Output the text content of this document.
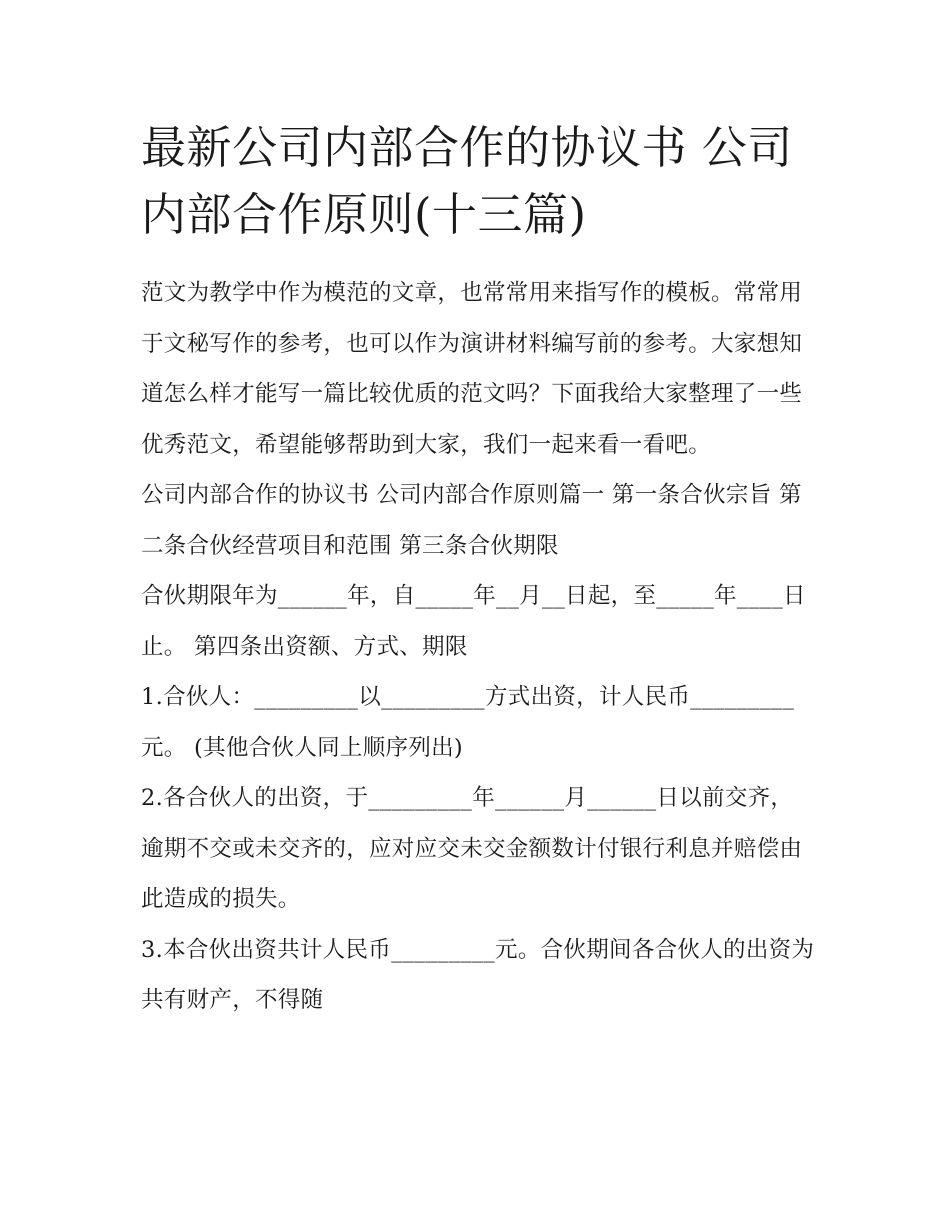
最新公司内部合作的协议书 公司内部合作原则(十三篇)

范文为教学中作为模范的文章，也常常用来指写作的模板。常常用于文秘写作的参考，也可以作为演讲材料编写前的参考。大家想知道怎么样才能写一篇比较优质的范文吗？下面我给大家整理了一些优秀范文，希望能够帮助到大家，我们一起来看一看吧。

公司内部合作的协议书 公司内部合作原则篇一 第一条合伙宗旨 第二条合伙经营项目和范围 第三条合伙期限

合伙期限年为______年，自_____年__月__日起，至_____年____日止。 第四条出资额、方式、期限

1.合伙人：_________以_________方式出资，计人民币_________元。 (其他合伙人同上顺序列出)

2.各合伙人的出资，于_________年______月______日以前交齐，逾期不交或未交齐的，应对应交未交金额数计付银行利息并赔偿由此造成的损失。

3.本合伙出资共计人民币_________元。合伙期间各合伙人的出资为共有财产，不得随
